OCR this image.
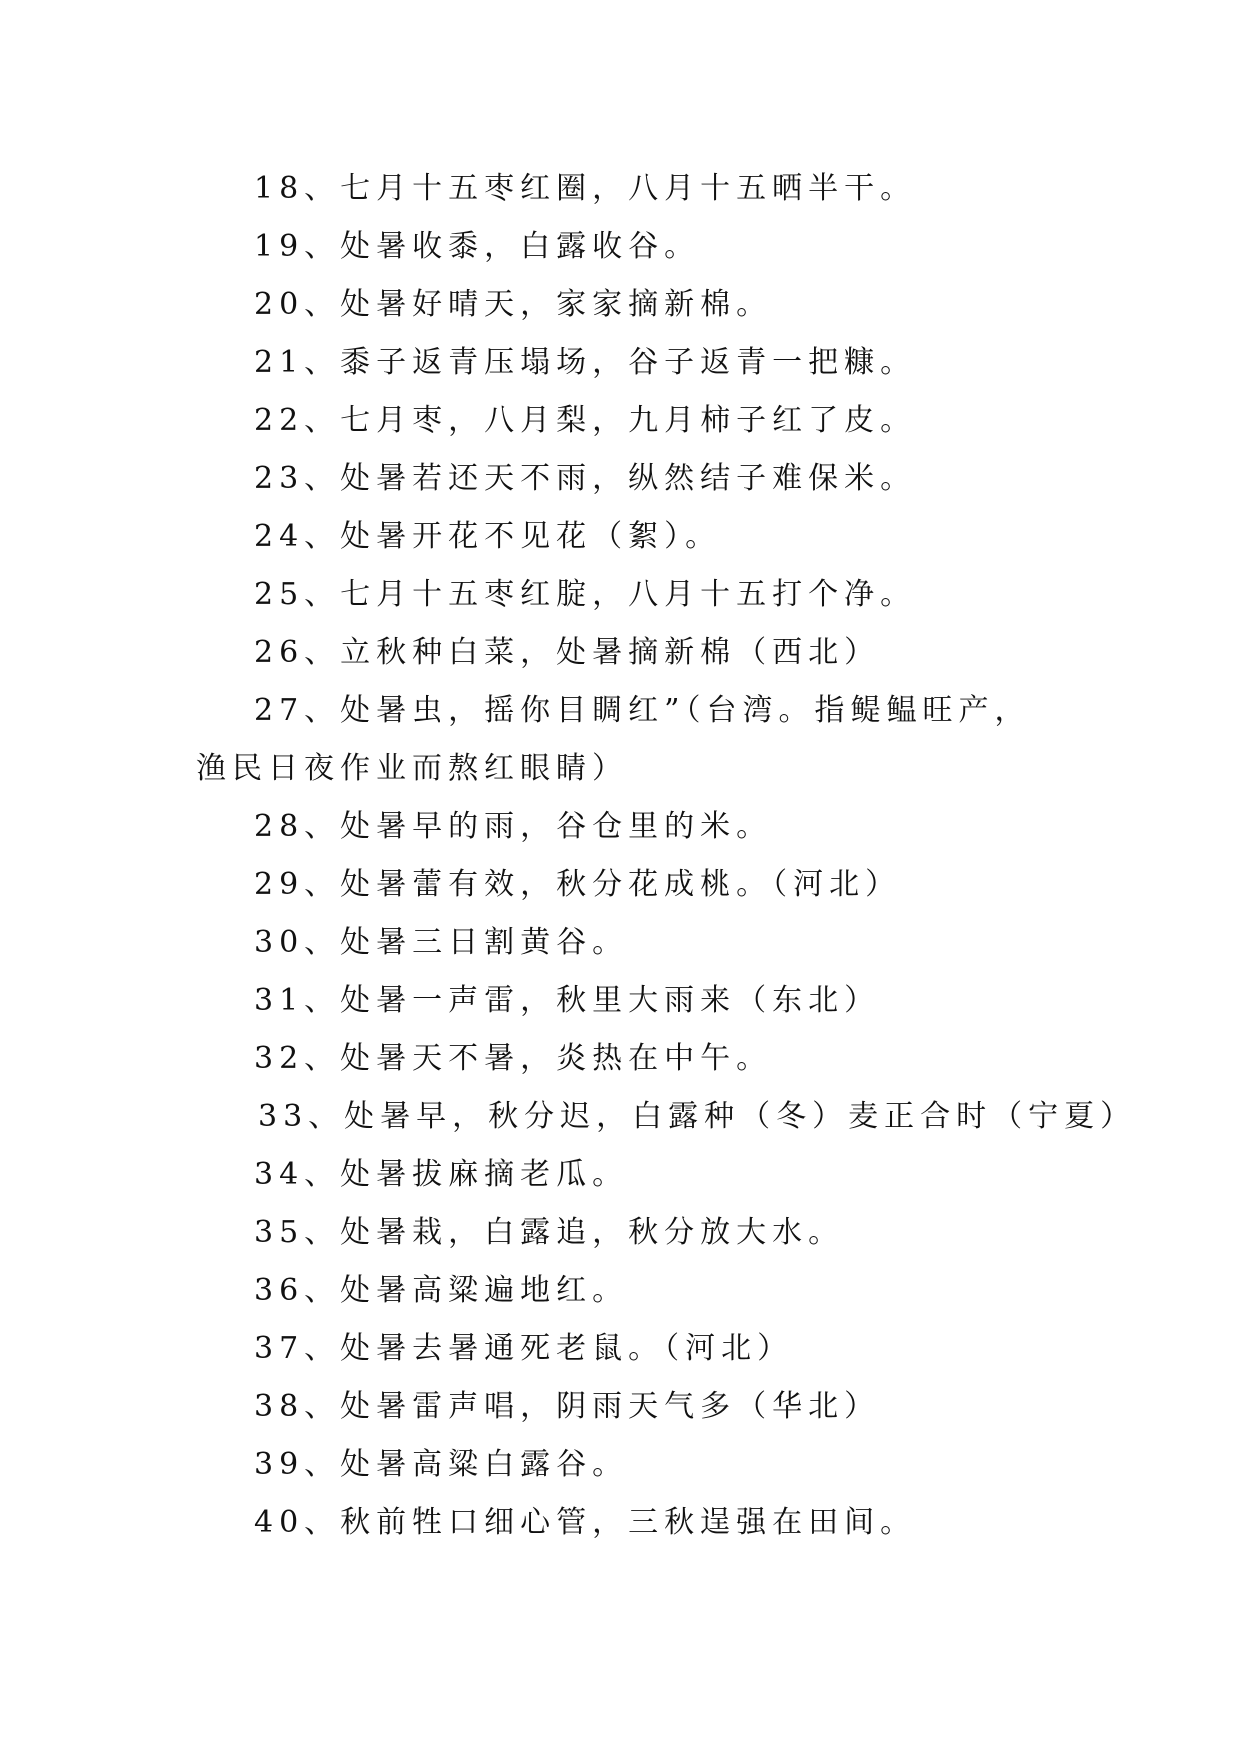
18、七月十五枣红圈，八月十五晒半干。
19、处暑收黍，白露收谷。
20、处暑好晴天，家家摘新棉。
21、黍子返青压塌场，谷子返青一把糠。
22、七月枣，八月梨，九月柿子红了皮。
23、处暑若还天不雨，纵然结子难保米。
24、处暑开花不见花（絮）。
25、七月十五枣红腚，八月十五打个净。
26、立秋种白菜，处暑摘新棉（西北）
27、处暑虫，摇你目睭红”（台湾。指鳀鳁旺产，渔民日夜作业而熬红眼睛）
28、处暑早的雨，谷仓里的米。
29、处暑蕾有效，秋分花成桃。（河北）
30、处暑三日割黄谷。
31、处暑一声雷，秋里大雨来（东北）
32、处暑天不暑，炎热在中午。
33、处暑早，秋分迟，白露种（冬）麦正合时（宁夏）
34、处暑拔麻摘老瓜。
35、处暑栽，白露追，秋分放大水。
36、处暑高粱遍地红。
37、处暑去暑通死老鼠。（河北）
38、处暑雷声唱，阴雨天气多（华北）
39、处暑高粱白露谷。
40、秋前牲口细心管，三秋逞强在田间。
